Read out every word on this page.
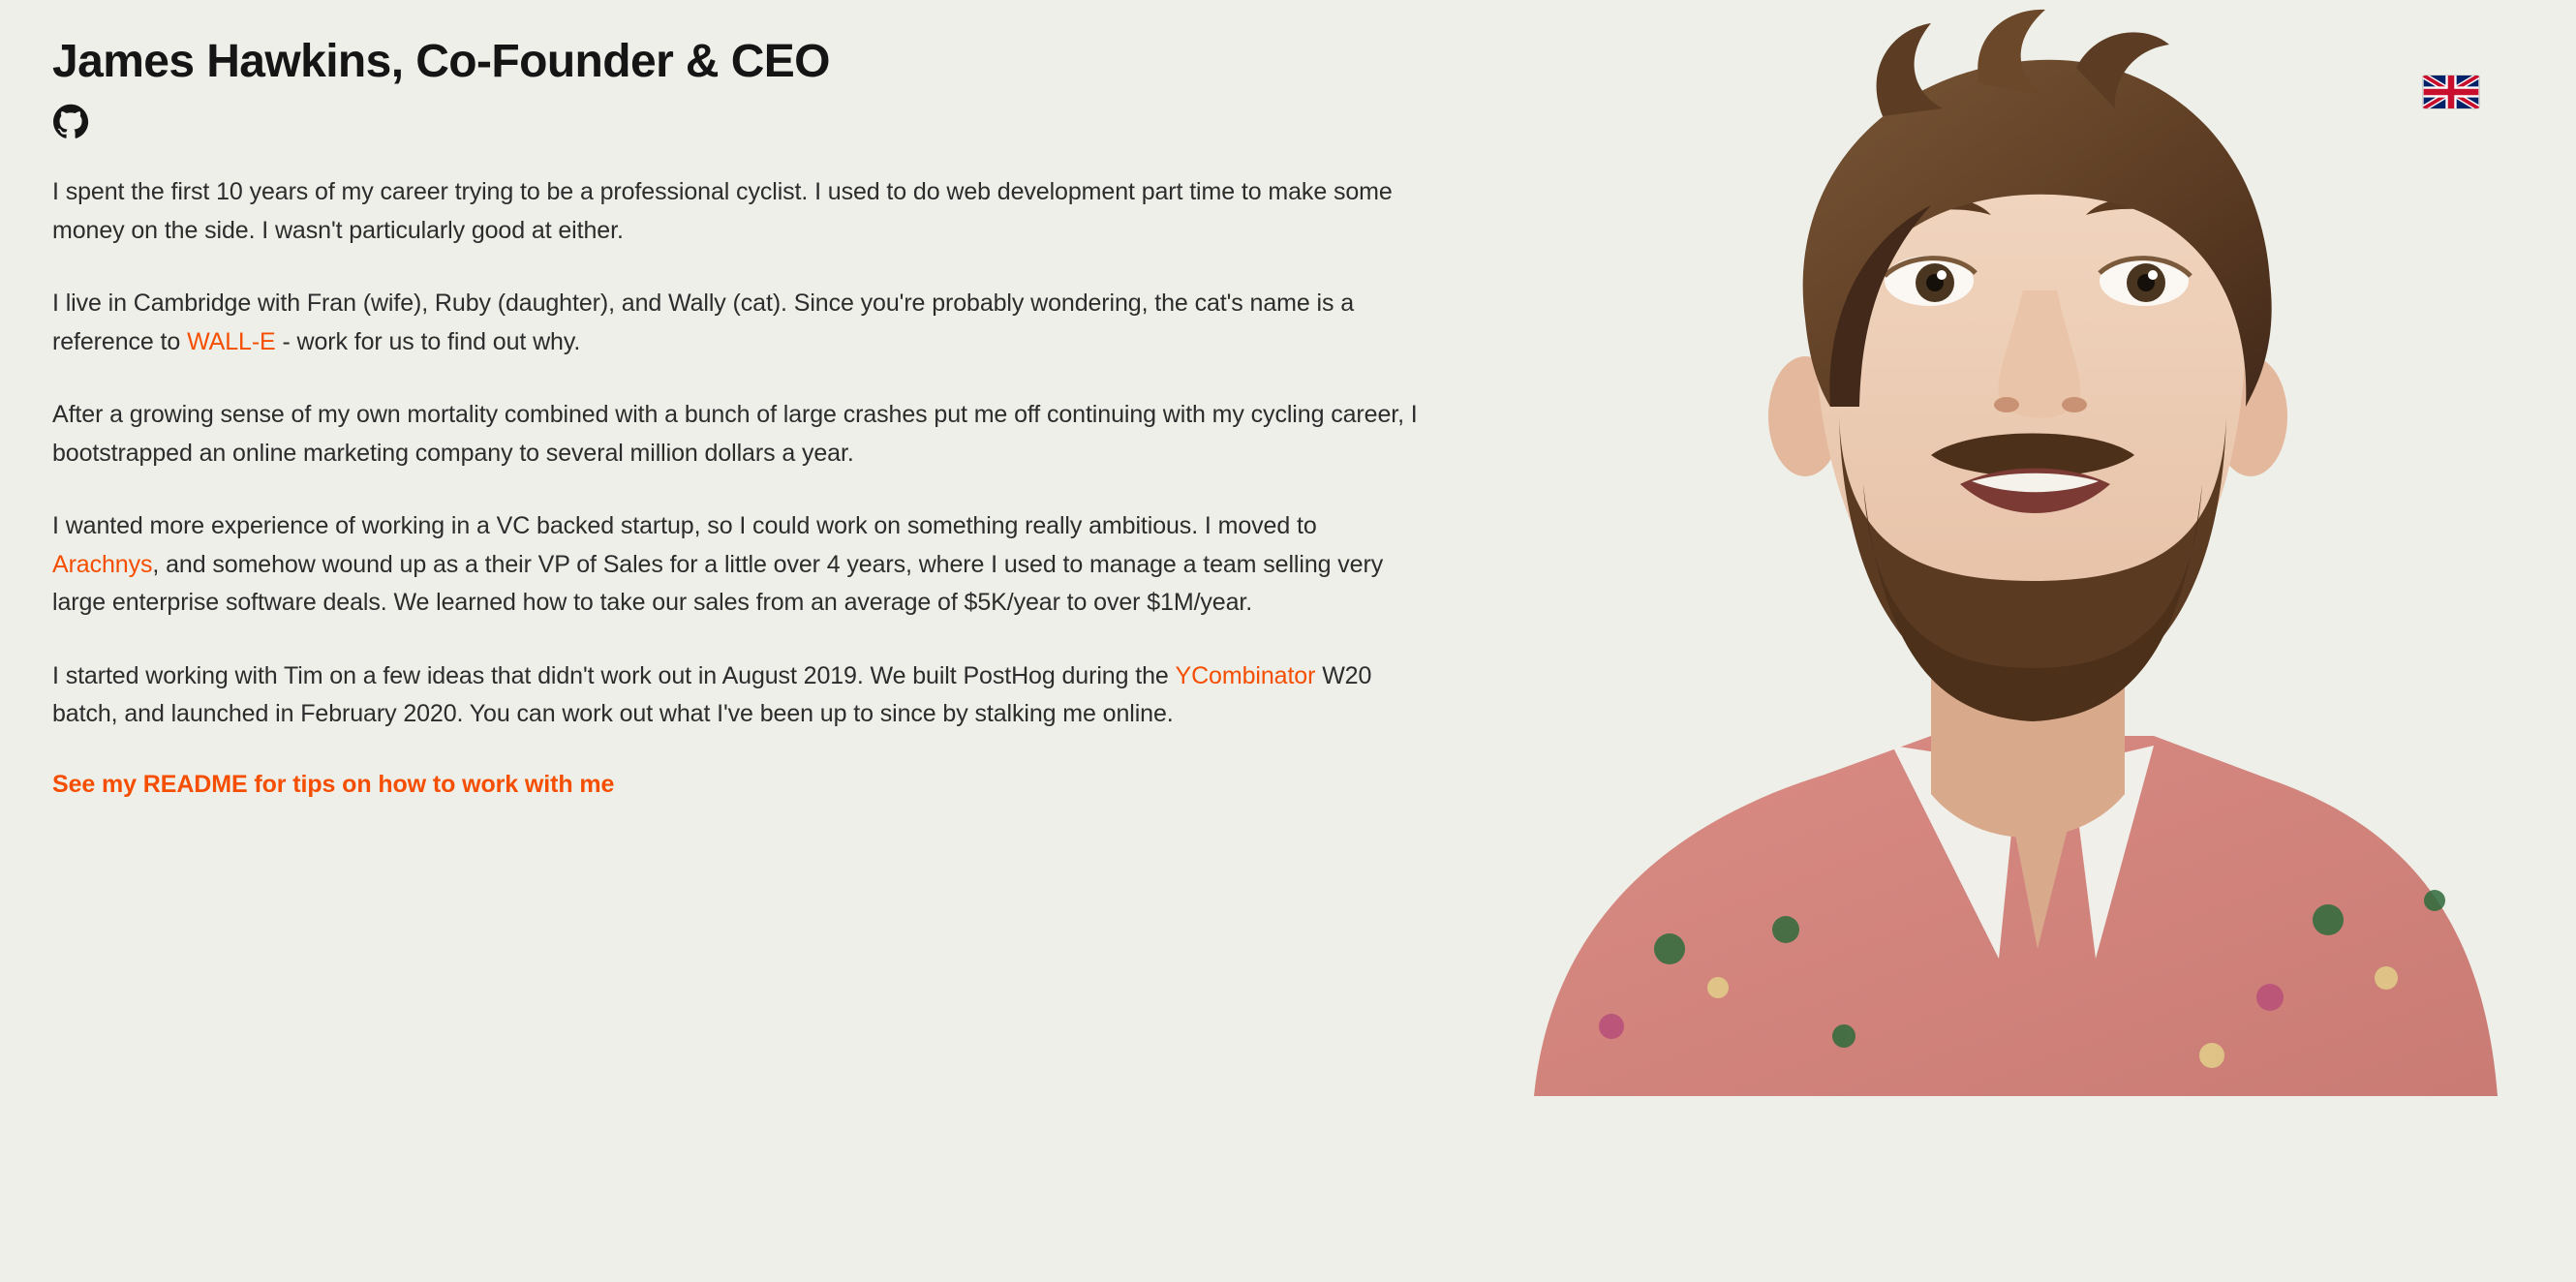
James Hawkins, Co-Founder & CEO

I spent the first 10 years of my career trying to be a professional cyclist. I used to do web development part time to make some money on the side. I wasn't particularly good at either.

I live in Cambridge with Fran (wife), Ruby (daughter), and Wally (cat). Since you're probably wondering, the cat's name is a reference to WALL-E - work for us to find out why.

After a growing sense of my own mortality combined with a bunch of large crashes put me off continuing with my cycling career, I bootstrapped an online marketing company to several million dollars a year.

I wanted more experience of working in a VC backed startup, so I could work on something really ambitious. I moved to Arachnys, and somehow wound up as a their VP of Sales for a little over 4 years, where I used to manage a team selling very large enterprise software deals. We learned how to take our sales from an average of $5K/year to over $1M/year.

I started working with Tim on a few ideas that didn't work out in August 2019. We built PostHog during the YCombinator W20 batch, and launched in February 2020. You can work out what I've been up to since by stalking me online.

See my README for tips on how to work with me
